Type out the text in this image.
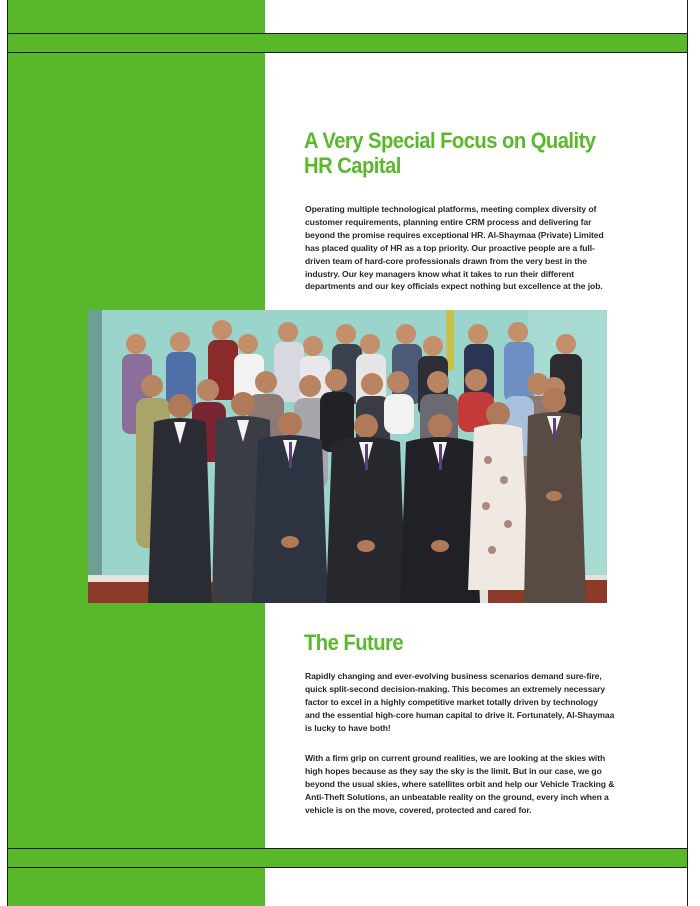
A Very Special Focus on Quality
HR Capital

Operating multiple technological platforms, meeting complex diversity of customer requirements, planning entire CRM process and delivering far beyond the promise requires exceptional HR. Al-Shaymaa (Private) Limited has placed quality of HR as a top priority. Our proactive people are a full-driven team of hard-core professionals drawn from the very best in the industry. Our key managers know what it takes to run their different departments and our key officials expect nothing but excellence at the job.

The Future

Rapidly changing and ever-evolving business scenarios demand sure-fire, quick split-second decision-making. This becomes an extremely necessary factor to excel in a highly competitive market totally driven by technology and the essential high-core human capital to drive it. Fortunately, Al-Shaymaa is lucky to have both!

With a firm grip on current ground realities, we are looking at the skies with high hopes because as they say the sky is the limit. But in our case, we go beyond the usual skies, where satellites orbit and help our Vehicle Tracking & Anti-Theft Solutions, an unbeatable reality on the ground, every inch when a vehicle is on the move, covered, protected and cared for.
